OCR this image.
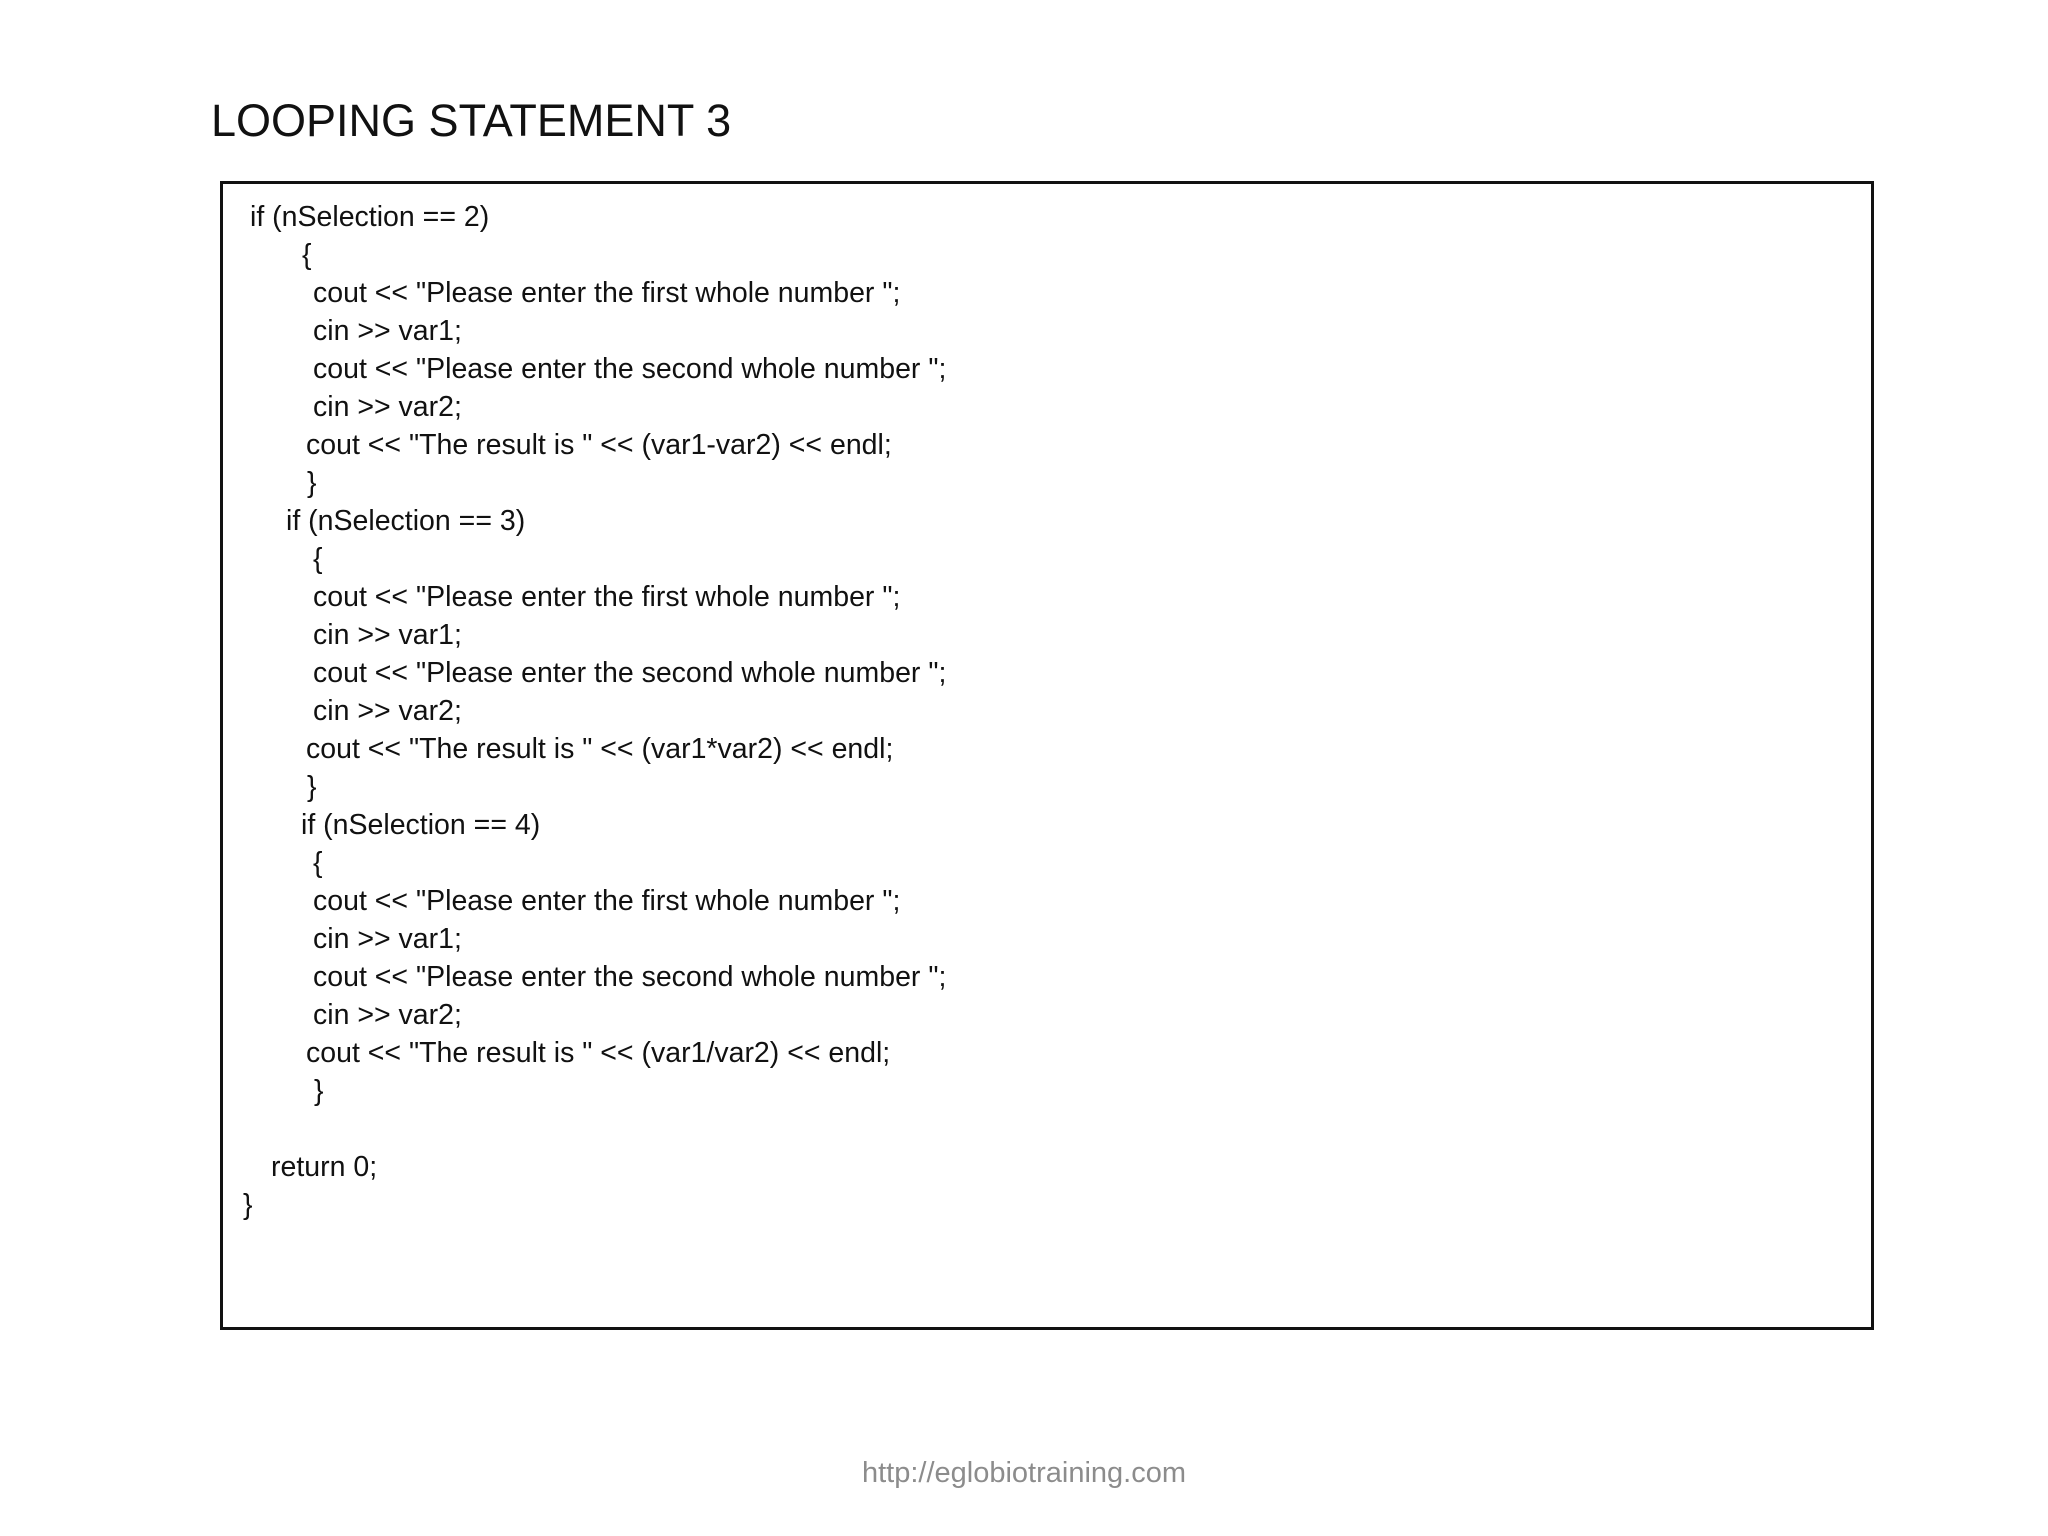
LOOPING STATEMENT 3
if (nSelection == 2)
{
cout << "Please enter the first whole number ";
cin >> var1;
cout << "Please enter the second whole number ";
cin >> var2;
cout << "The result is " << (var1-var2) << endl;
}
if (nSelection == 3)
{
cout << "Please enter the first whole number ";
cin >> var1;
cout << "Please enter the second whole number ";
cin >> var2;
cout << "The result is " << (var1*var2) << endl;
}
if (nSelection == 4)
{
cout << "Please enter the first whole number ";
cin >> var1;
cout << "Please enter the second whole number ";
cin >> var2;
cout << "The result is " << (var1/var2) << endl;
}
return 0;
}
http://eglobiotraining.com
